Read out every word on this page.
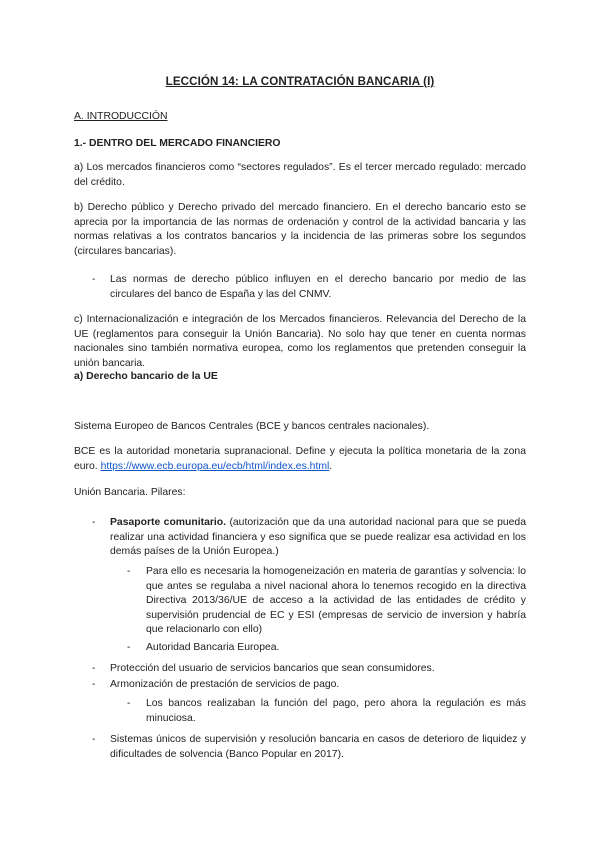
LECCIÓN 14: LA CONTRATACIÓN BANCARIA (I)
A. INTRODUCCIÓN
1.- DENTRO DEL MERCADO FINANCIERO
a) Los mercados financieros como “sectores regulados”. Es el tercer mercado regulado: mercado del crédito.
b) Derecho público y Derecho privado del mercado financiero. En el derecho bancario esto se aprecia por la importancia de las normas de ordenación y control de la actividad bancaria y las normas relativas a los contratos bancarios y la incidencia de las primeras sobre los segundos (circulares bancarias).
- Las normas de derecho público influyen en el derecho bancario por medio de las circulares del banco de España y las del CNMV.
c) Internacionalización e integración de los Mercados financieros. Relevancia del Derecho de la UE (reglamentos para conseguir la Unión Bancaria). No solo hay que tener en cuenta normas nacionales sino también normativa europea, como los reglamentos que pretenden conseguir la unión bancaria.
a) Derecho bancario de la UE
Sistema Europeo de Bancos Centrales (BCE y bancos centrales nacionales).
BCE es la autoridad monetaria supranacional. Define y ejecuta la política monetaria de la zona euro. https://www.ecb.europa.eu/ecb/html/index.es.html.
Unión Bancaria. Pilares:
- Pasaporte comunitario. (autorización que da una autoridad nacional para que se pueda realizar una actividad financiera y eso significa que se puede realizar esa actividad en los demás países de la Unión Europea.)
- Para ello es necesaria la homogeneización en materia de garantías y solvencia: lo que antes se regulaba a nivel nacional ahora lo tenemos recogido en la directiva Directiva 2013/36/UE de acceso a la actividad de las entidades de crédito y supervisión prudencial de EC y ESI (empresas de servicio de inversion y habría que relacionarlo con ello)
- Autoridad Bancaria Europea.
- Protección del usuario de servicios bancarios que sean consumidores.
- Armonización de prestación de servicios de pago.
- Los bancos realizaban la función del pago, pero ahora la regulación es más minuciosa.
- Sistemas únicos de supervisión y resolución bancaria en casos de deterioro de liquidez y dificultades de solvencia (Banco Popular en 2017).
